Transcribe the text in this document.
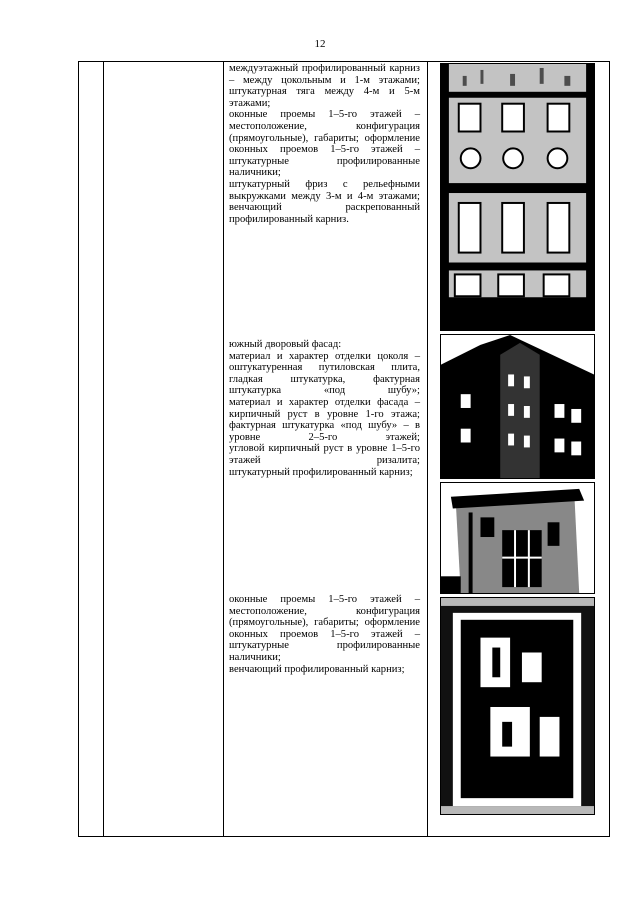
12

междуэтажный профилированный карниз – между цокольным и 1-м этажами;

штукатурная тяга между 4-м и 5-м этажами;

оконные проемы 1–5-го этажей – местоположение, конфигурация (прямоугольные), габариты; оформление оконных проемов 1–5-го этажей – штукатурные профилированные наличники;

штукатурный фриз с рельефными выкружками между 3-м и 4-м этажами; венчающий раскрепованный профилированный карниз.

южный дворовый фасад:

материал и характер отделки цоколя – оштукатуренная путиловская плита, гладкая штукатурка, фактурная штукатурка «под шубу»;

материал и характер отделки фасада – кирпичный руст в уровне 1-го этажа; фактурная штукатурка «под шубу» – в уровне 2–5-го этажей;

угловой кирпичный руст в уровне 1–5-го этажей ризалита;

штукатурный профилированный карниз;

оконные проемы 1–5-го этажей – местоположение, конфигурация (прямоугольные), габариты; оформление оконных проемов 1–5-го этажей – штукатурные профилированные наличники;

венчающий профилированный карниз;
